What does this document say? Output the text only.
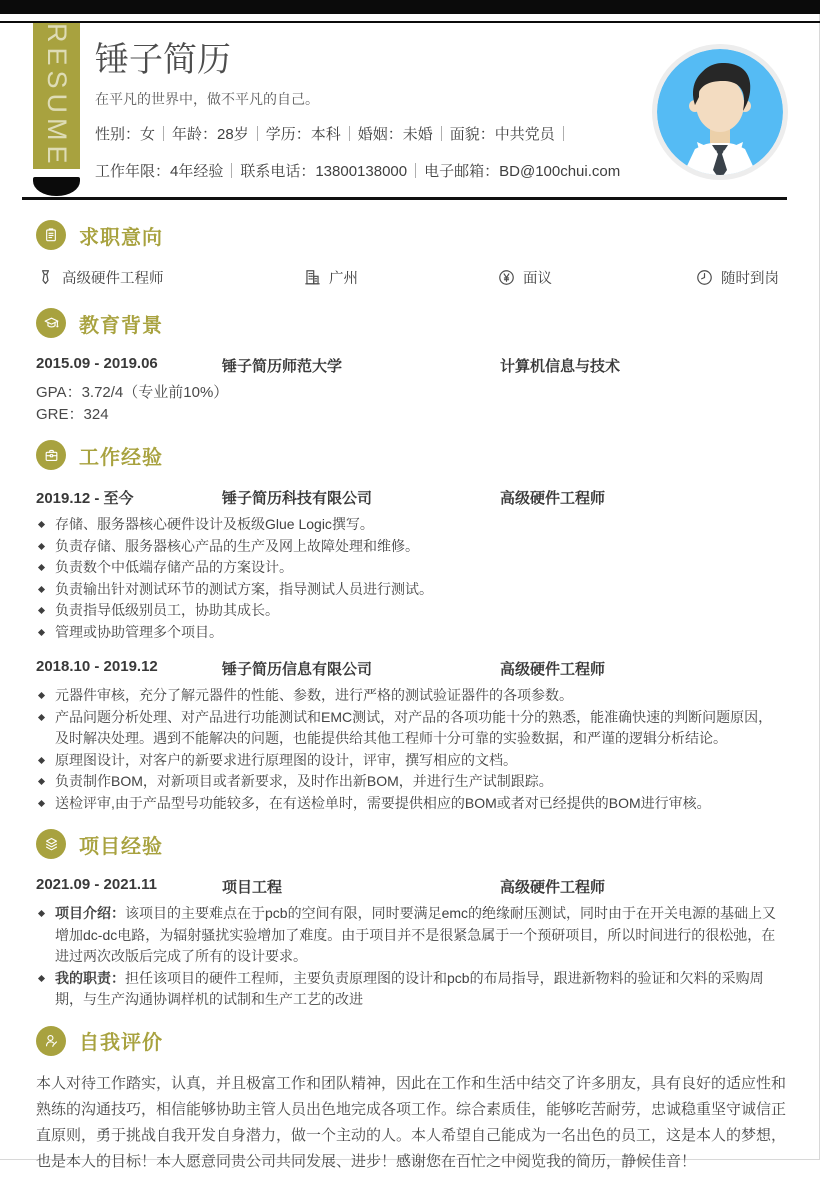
RESUME 锤子简历
在平凡的世界中，做不平凡的自己。
性别：女 年龄：28岁 学历：本科 婚姻：未婚 面貌：中共党员
工作年限：4年经验 联系电话：13800138000 电子邮箱：BD@100chui.com
求职意向
高级硬件工程师	广州	面议	随时到岗
教育背景
2015.09 - 2019.06	锤子简历师范大学	计算机信息与技术
GPA：3.72/4（专业前10%）
GRE：324
工作经验
2019.12 - 至今	锤子简历科技有限公司	高级硬件工程师
存储、服务器核心硬件设计及板级Glue Logic撰写。
负责存储、服务器核心产品的生产及网上故障处理和维修。
负责数个中低端存储产品的方案设计。
负责输出针对测试环节的测试方案，指导测试人员进行测试。
负责指导低级别员工，协助其成长。
管理或协助管理多个项目。
2018.10 - 2019.12	锤子简历信息有限公司	高级硬件工程师
元器件审核，充分了解元器件的性能、参数，进行严格的测试验证器件的各项参数。
产品问题分析处理、对产品进行功能测试和EMC测试，对产品的各项功能十分的熟悉，能准确快速的判断问题原因，及时解决处理。遇到不能解决的问题，也能提供给其他工程师十分可靠的实验数据，和严谨的逻辑分析结论。
原理图设计，对客户的新要求进行原理图的设计，评审，撰写相应的文档。
负责制作BOM，对新项目或者新要求，及时作出新BOM，并进行生产试制跟踪。
送检评审,由于产品型号功能较多，在有送检单时，需要提供相应的BOM或者对已经提供的BOM进行审核。
项目经验
2021.09 - 2021.11	项目工程	高级硬件工程师
项目介绍：该项目的主要难点在于pcb的空间有限，同时要满足emc的绝缘耐压测试，同时由于在开关电源的基础上又增加dc-dc电路，为辐射骚扰实验增加了难度。由于项目并不是很紧急属于一个预研项目，所以时间进行的很松弛，在进过两次改版后完成了所有的设计要求。
我的职责：担任该项目的硬件工程师，主要负责原理图的设计和pcb的布局指导，跟进新物料的验证和欠料的采购周期，与生产沟通协调样机的试制和生产工艺的改进
自我评价

本人对待工作踏实，认真，并且极富工作和团队精神，因此在工作和生活中结交了许多朋友，具有良好的适应性和熟练的沟通技巧，相信能够协助主管人员出色地完成各项工作。综合素质佳，能够吃苦耐劳，忠诚稳重坚守诚信正直原则，勇于挑战自我开发自身潜力，做一个主动的人。本人希望自己能成为一名出色的员工，这是本人的梦想，也是本人的目标！本人愿意同贵公司共同发展、进步！感谢您在百忙之中阅览我的简历，静候佳音！
